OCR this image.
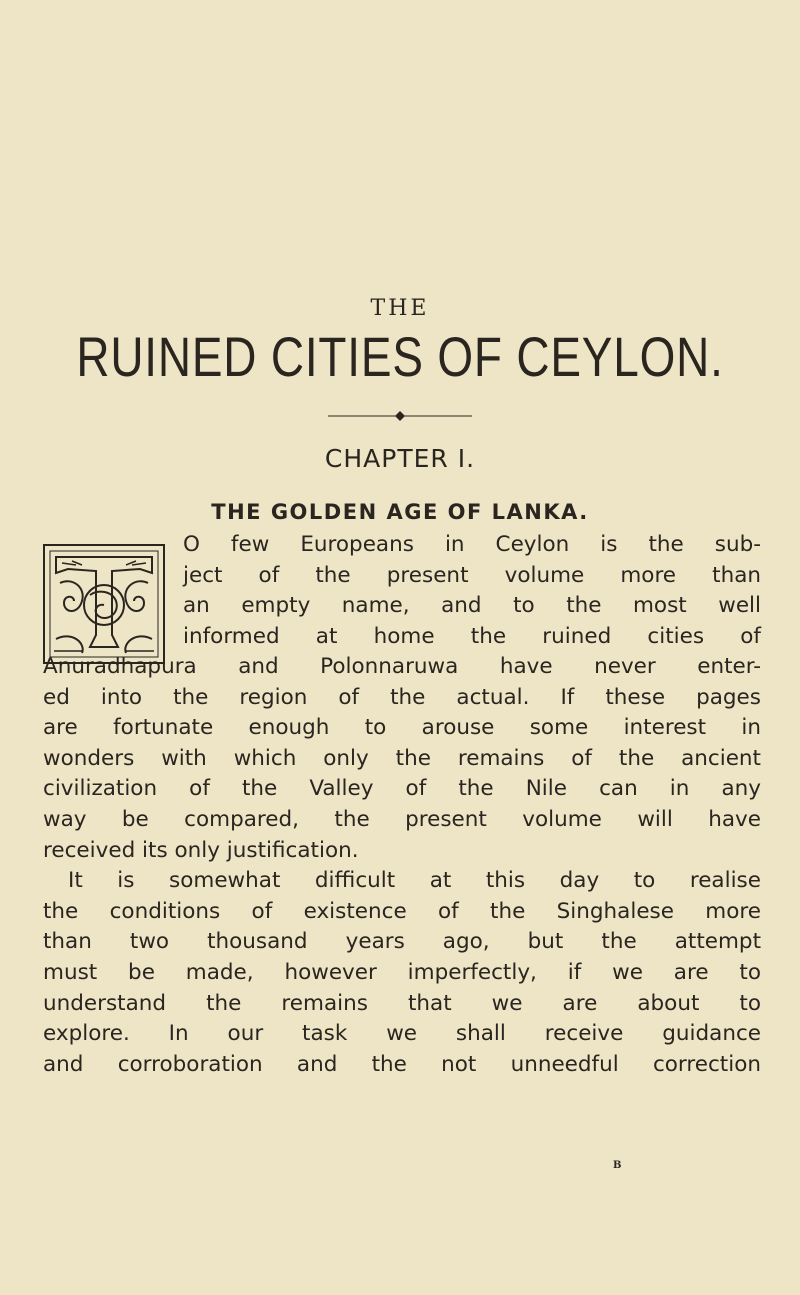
THE
RUINED CITIES OF CEYLON.
CHAPTER I.
THE GOLDEN AGE OF LANKA.
O few Europeans in Ceylon is the sub-
ject of the present volume more than
an empty name, and to the most well
informed at home the ruined cities of
Anuradhapura and Polonnaruwa have never enter-
ed into the region of the actual. If these pages
are fortunate enough to arouse some interest in
wonders with which only the remains of the ancient
civilization of the Valley of the Nile can in any
way be compared, the present volume will have
received its only justification.
It is somewhat difficult at this day to realise
the conditions of existence of the Singhalese more
than two thousand years ago, but the attempt
must be made, however imperfectly, if we are to
understand the remains that we are about to
explore. In our task we shall receive guidance
and corroboration and the not unneedful correction
B
